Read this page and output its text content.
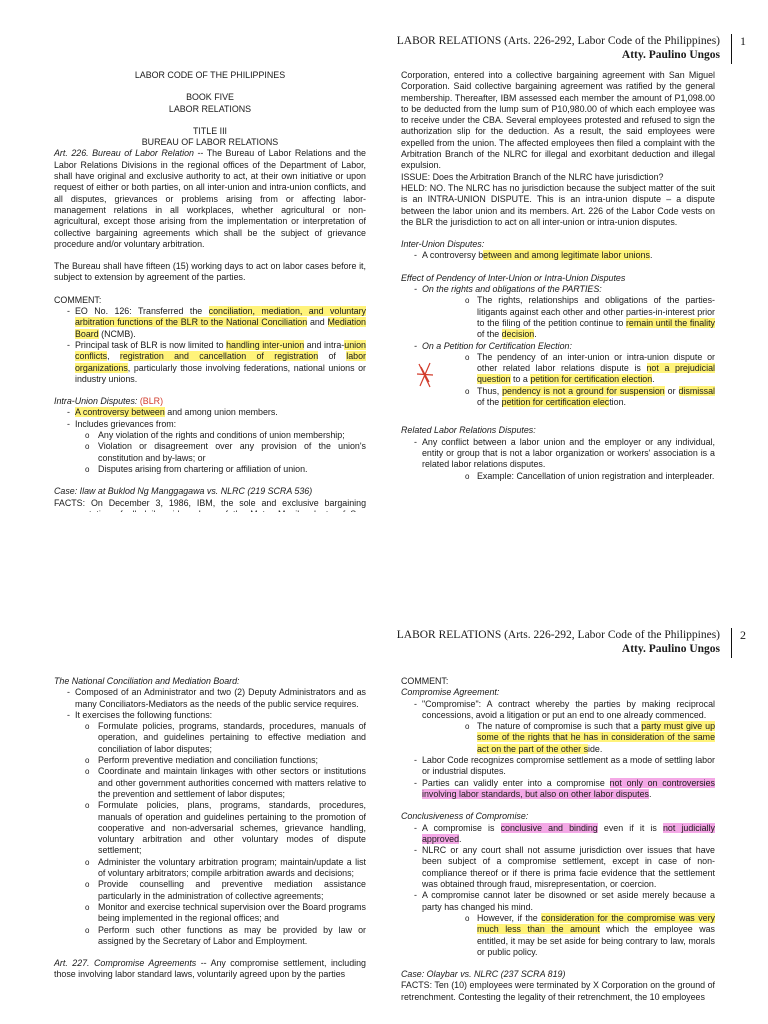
LABOR RELATIONS (Arts. 226-292, Labor Code of the Philippines)
Atty. Paulino Ungos
1

LABOR CODE OF THE PHILIPPINES

BOOK FIVE

LABOR RELATIONS

TITLE III

BUREAU OF LABOR RELATIONS

Art. 226. Bureau of Labor Relation -- The Bureau of Labor Relations and the Labor Relations Divisions in the regional offices of the Department of Labor, shall have original and exclusive authority to act, at their own initiative or upon request of either or both parties, on all inter-union and intra-union conflicts, and all disputes, grievances or problems arising from or affecting labor-management relations in all workplaces, whether agricultural or non-agricultural, except those arising from the implementation or interpretation of collective bargaining agreements which shall be the subject of grievance procedure and/or voluntary arbitration.

The Bureau shall have fifteen (15) working days to act on labor cases before it, subject to extension by agreement of the parties.

COMMENT:

- EO No. 126: Transferred the conciliation, mediation, and voluntary arbitration functions of the BLR to the National Conciliation and Mediation Board (NCMB).
- Principal task of BLR is now limited to handling inter-union and intra-union conflicts, registration and cancellation of registration of labor organizations, particularly those involving federations, national unions or industry unions.

Intra-Union Disputes: (BLR)

- A controversy between and among union members.
- Includes grievances from:
o Any violation of the rights and conditions of union membership;
o Violation or disagreement over any provision of the union's constitution and by-laws; or
o Disputes arising from chartering or affiliation of union.

Case: Ilaw at Buklod Ng Manggagawa vs. NLRC (219 SCRA 536)

FACTS: On December 3, 1986, IBM, the sole and exclusive bargaining

Corporation, entered into a collective bargaining agreement with San Miguel Corporation. Said collective bargaining agreement was ratified by the general membership. Thereafter, IBM assessed each member the amount of P1,098.00 to be deducted from the lump sum of P10,980.00 of which each employee was to receive under the CBA. Several employees protested and refused to sign the authorization slip for the deduction. As a result, the said employees were expelled from the union. The affected employees then filed a complaint with the Arbitration Branch of the NLRC for illegal and exorbitant deduction and illegal expulsion.

ISSUE: Does the Arbitration Branch of the NLRC have jurisdiction?

HELD: NO. The NLRC has no jurisdiction because the subject matter of the suit is an INTRA-UNION DISPUTE. This is an intra-union dispute – a dispute between the labor union and its members. Art. 226 of the Labor Code vests on the BLR the jurisdiction to act on all inter-union or intra-union disputes.

Inter-Union Disputes:

- A controversy between and among legitimate labor unions.

Effect of Pendency of Inter-Union or Intra-Union Disputes

- On the rights and obligations of the PARTIES:
o The rights, relationships and obligations of the parties-litigants against each other and other parties-in-interest prior to the filing of the petition continue to remain until the finality of the decision.
- On a Petition for Certification Election:
o The pendency of an inter-union or intra-union dispute or other related labor relations dispute is not a prejudicial question to a petition for certification election.
o Thus, pendency is not a ground for suspension or dismissal of the petition for certification election.

Related Labor Relations Disputes:

- Any conflict between a labor union and the employer or any individual, entity or group that is not a labor organization or workers' association is a related labor relations disputes.
o Example: Cancellation of union registration and interpleader.
LABOR RELATIONS (Arts. 226-292, Labor Code of the Philippines)
Atty. Paulino Ungos
2

The National Conciliation and Mediation Board:

- Composed of an Administrator and two (2) Deputy Administrators and as many Conciliators-Mediators as the needs of the public service requires.
- It exercises the following functions:
o Formulate policies, programs, standards, procedures, manuals of operation, and guidelines pertaining to effective mediation and conciliation of labor disputes;
o Perform preventive mediation and conciliation functions;
o Coordinate and maintain linkages with other sectors or institutions and other government authorities concerned with matters relative to the prevention and settlement of labor disputes;
o Formulate policies, plans, programs, standards, procedures, manuals of operation and guidelines pertaining to the promotion of cooperative and non-adversarial schemes, grievance handling, voluntary arbitration and other voluntary modes of dispute settlement;
o Administer the voluntary arbitration program; maintain/update a list of voluntary arbitrators; compile arbitration awards and decisions;
o Provide counselling and preventive mediation assistance particularly in the administration of collective agreements;
o Monitor and exercise technical supervision over the Board programs being implemented in the regional offices; and
o Perform such other functions as may be provided by law or assigned by the Secretary of Labor and Employment.

Art. 227. Compromise Agreements -- Any compromise settlement, including those involving labor standard laws, voluntarily agreed upon by the parties

COMMENT:

Compromise Agreement:

- "Compromise": A contract whereby the parties by making reciprocal concessions, avoid a litigation or put an end to one already commenced.
o The nature of compromise is such that a party must give up some of the rights that he has in consideration of the same act on the part of the other side.
- Labor Code recognizes compromise settlement as a mode of settling labor or industrial disputes.
- Parties can validly enter into a compromise not only on controversies involving labor standards, but also on other labor disputes.

Conclusiveness of Compromise:

- A compromise is conclusive and binding even if it is not judicially approved.
- NLRC or any court shall not assume jurisdiction over issues that have been subject of a compromise settlement, except in case of non-compliance thereof or if there is prima facie evidence that the settlement was obtained through fraud, misrepresentation, or coercion.
- A compromise cannot later be disowned or set aside merely because a party has changed his mind.
o However, if the consideration for the compromise was very much less than the amount which the employee was entitled, it may be set aside for being contrary to law, morals or public policy.

Case: Olaybar vs. NLRC (237 SCRA 819)

FACTS: Ten (10) employees were terminated by X Corporation on the ground of retrenchment. Contesting the legality of their retrenchment, the 10 employees
